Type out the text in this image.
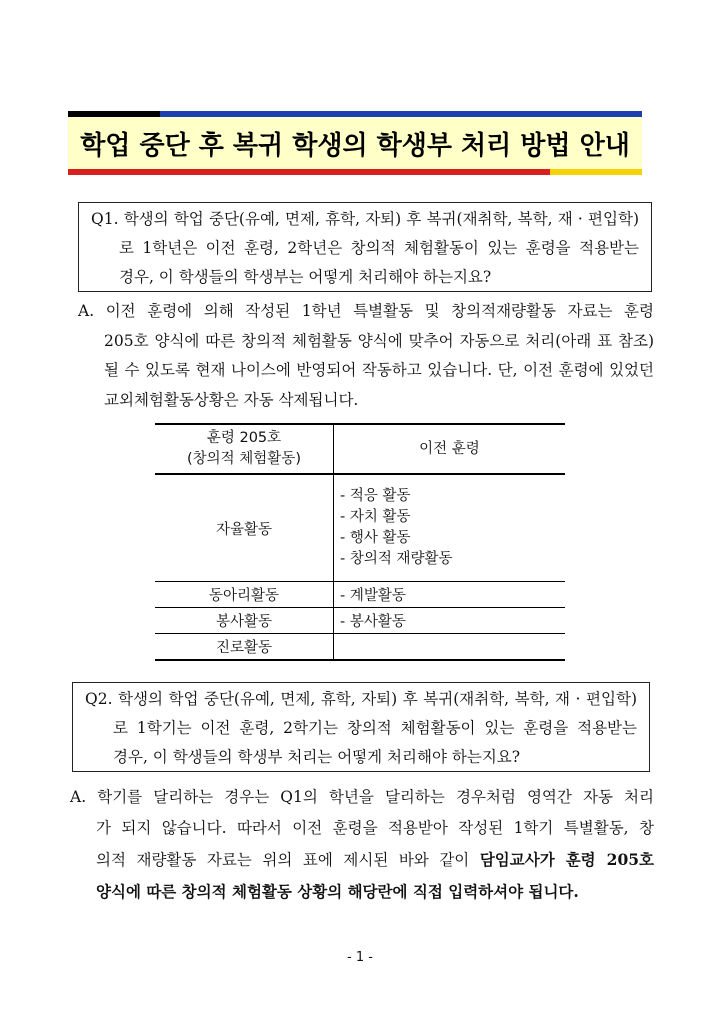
학업 중단 후 복귀 학생의 학생부 처리 방법 안내
Q1. 학생의 학업 중단(유예, 면제, 휴학, 자퇴) 후 복귀(재취학, 복학, 재 · 편입학)
로 1학년은 이전 훈령, 2학년은 창의적 체험활동이 있는 훈령을 적용받는
경우, 이 학생들의 학생부는 어떻게 처리해야 하는지요?
A. 이전 훈령에 의해 작성된 1학년 특별활동 및 창의적재량활동 자료는 훈령
205호 양식에 따른 창의적 체험활동 양식에 맞추어 자동으로 처리(아래 표 참조)
될 수 있도록 현재 나이스에 반영되어 작동하고 있습니다. 단, 이전 훈령에 있었던
교외체험활동상황은 자동 삭제됩니다.
훈령 205호
(창의적 체험활동)	이전 훈령
자율활동	- 적응 활동
- 자치 활동
- 행사 활동
- 창의적 재량활동

동아리활동	- 계발활동
봉사활동	- 봉사활동
진로활동	
Q2. 학생의 학업 중단(유예, 면제, 휴학, 자퇴) 후 복귀(재취학, 복학, 재 · 편입학)
로 1학기는 이전 훈령, 2학기는 창의적 체험활동이 있는 훈령을 적용받는
경우, 이 학생들의 학생부 처리는 어떻게 처리해야 하는지요?
A. 학기를 달리하는 경우는 Q1의 학년을 달리하는 경우처럼 영역간 자동 처리
가 되지 않습니다. 따라서 이전 훈령을 적용받아 작성된 1학기 특별활동, 창
의적 재량활동 자료는 위의 표에 제시된 바와 같이 담임교사가 훈령 205호
양식에 따른 창의적 체험활동 상황의 해당란에 직접 입력하셔야 됩니다.
- 1 -
